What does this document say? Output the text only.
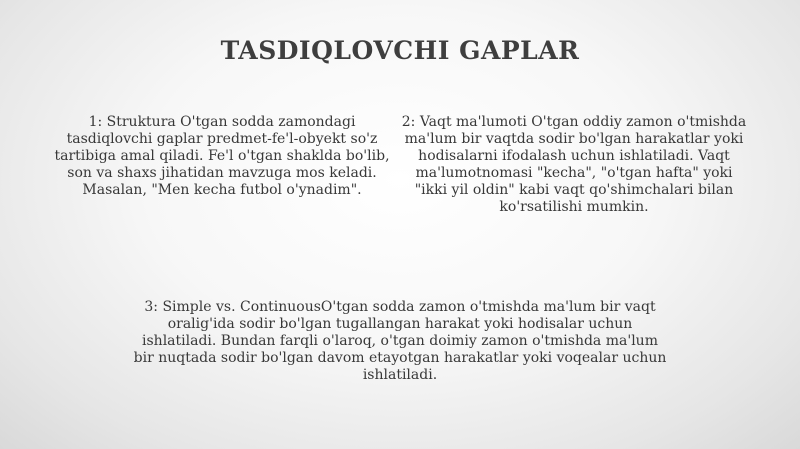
TASDIQLOVCHI GAPLAR

1: Struktura O'tgan sodda zamondagi tasdiqlovchi gaplar predmet-fe'l-obyekt so'z tartibiga amal qiladi. Fe'l o'tgan shaklda bo'lib, son va shaxs jihatidan mavzuga mos keladi. Masalan, "Men kecha futbol o'ynadim".

2: Vaqt ma'lumoti O'tgan oddiy zamon o'tmishda ma'lum bir vaqtda sodir bo'lgan harakatlar yoki hodisalarni ifodalash uchun ishlatiladi. Vaqt ma'lumotnomasi "kecha", "o'tgan hafta" yoki "ikki yil oldin" kabi vaqt qo'shimchalari bilan ko'rsatilishi mumkin.

3: Simple vs. ContinuousO'tgan sodda zamon o'tmishda ma'lum bir vaqt oralig'ida sodir bo'lgan tugallangan harakat yoki hodisalar uchun ishlatiladi. Bundan farqli o'laroq, o'tgan doimiy zamon o'tmishda ma'lum bir nuqtada sodir bo'lgan davom etayotgan harakatlar yoki voqealar uchun ishlatiladi.
